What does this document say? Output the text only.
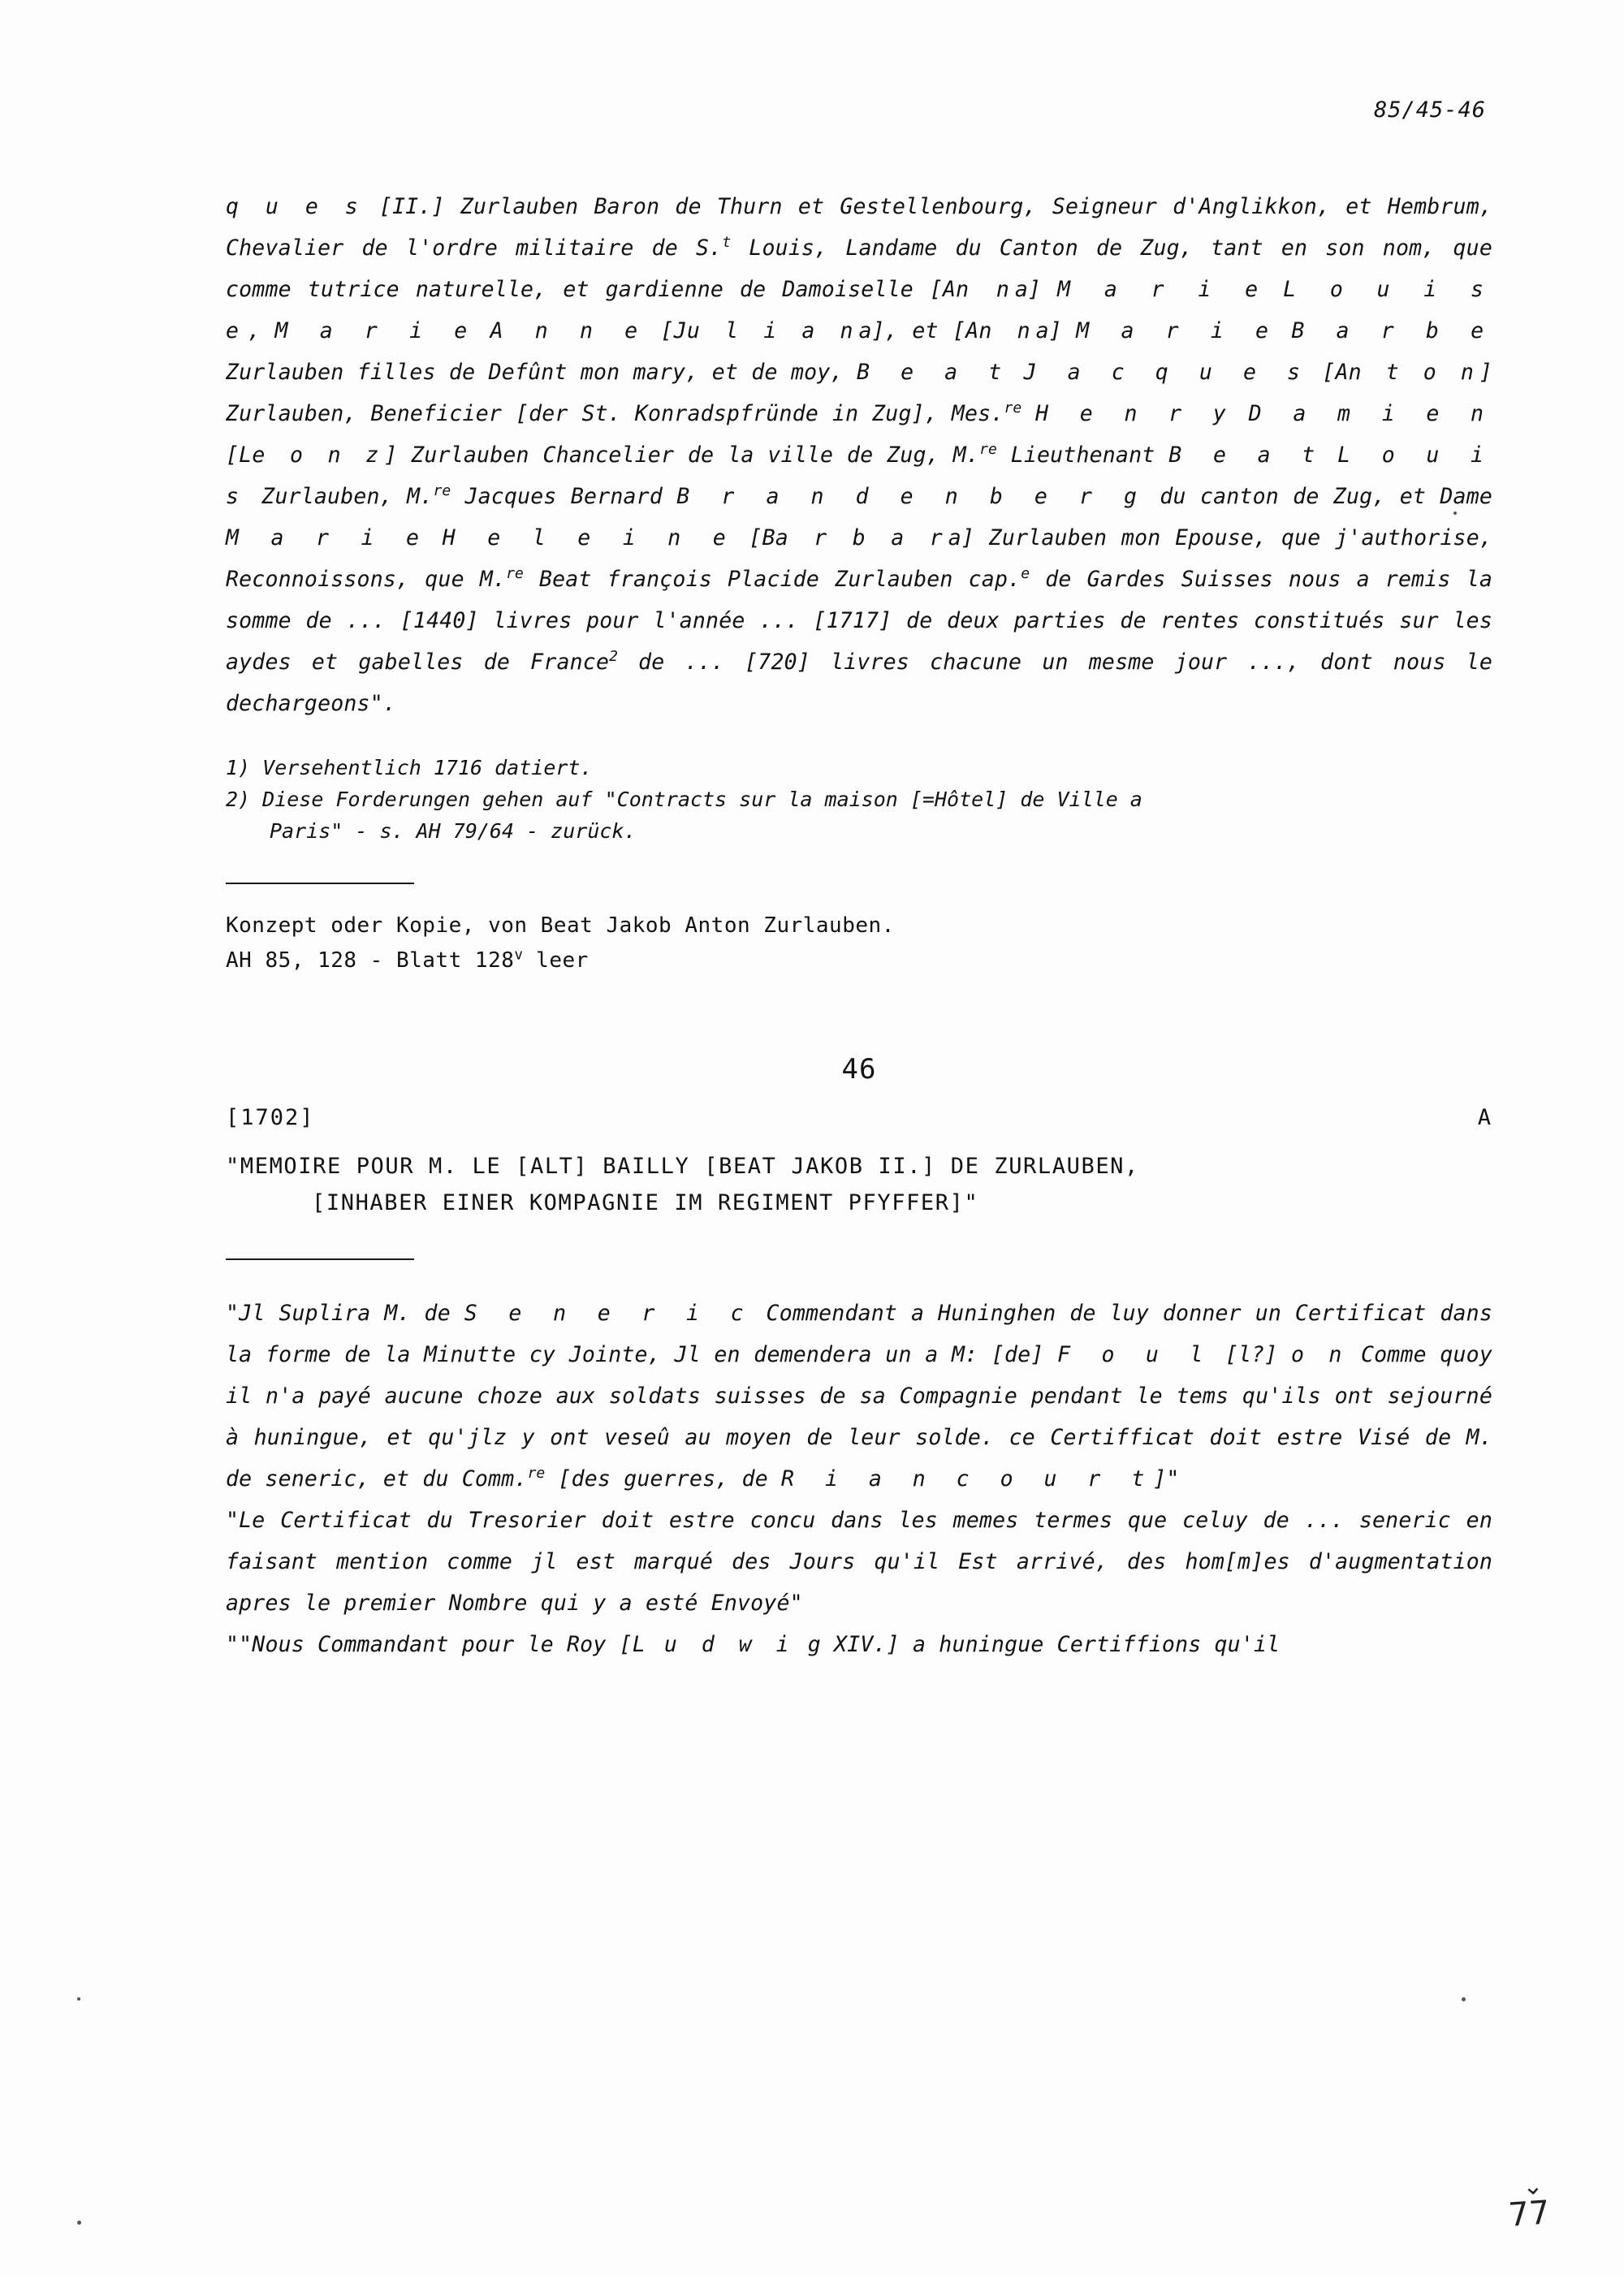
85/45-46

q u e s [II.] Zurlauben Baron de Thurn et Gestellenbourg, Seigneur d'Anglikkon, et Hembrum, Chevalier de l'ordre militaire de S.$^t$ Louis, Landame du Canton de Zug, tant en son nom, que comme tutrice naturelle, et gardienne de Damoiselle [An na] M a r i e L o u i s e, M a r i e A n n e [Ju l i a na], et [An na] M a r i e B a r b e Zurlauben filles de Defûnt mon mary, et de moy, B e a t J a c q u e s [An t o n] Zurlauben, Beneficier [der St. Konradspfründe in Zug], Mes.$^{re}$ H e n r y D a m i e n [Le o n z] Zurlauben Chancelier de la ville de Zug, M.$^{re}$ Lieuthenant B e a t L o u i s Zurlauben, M.$^{re}$ Jacques Bernard B r a n d e n b e r g du canton de Zug, et Dame M a r i e H e l e i n e [Ba r b a ra] Zurlauben mon Epouse, que j'authorise, Reconnoissons, que M.$^{re}$ Beat françois Placide Zurlauben cap.$^e$ de Gardes Suisses nous a remis la somme de ... [1440] livres pour l'année ... [1717] de deux parties de rentes constitués sur les aydes et gabelles de France$^2$ de ... [720] livres chacune un mesme jour ..., dont nous le dechargeons".

1) Versehentlich 1716 datiert.

2) Diese Forderungen gehen auf "Contracts sur la maison [=Hôtel] de Ville a

Paris" - s. AH 79/64 - zurück.

Konzept oder Kopie, von Beat Jakob Anton Zurlauben.

AH 85, 128 - Blatt 128$^v$ leer

46
[1702]	A

"MEMOIRE POUR M. LE [ALT] BAILLY [BEAT JAKOB II.] DE ZURLAUBEN,

[INHABER EINER KOMPAGNIE IM REGIMENT PFYFFER]"

"Jl Suplira M. de S e n e r i c Commendant a Huninghen de luy donner un Certificat dans la forme de la Minutte cy Jointe, Jl en demendera un a M: [de] F o u l [l?] o n Comme quoy il n'a payé aucune choze aux soldats suisses de sa Compagnie pendant le tems qu'ils ont sejourné à huningue, et qu'jlz y ont veseû au moyen de leur solde. ce Certifficat doit estre Visé de M. de seneric, et du Comm.$^{re}$ [des guerres, de R i a n c o u r t]"

"Le Certificat du Tresorier doit estre concu dans les memes termes que celuy de ... seneric en faisant mention comme jl est marqué des Jours qu'il Est arrivé, des hom[m]es d'augmentation apres le premier Nombre qui y a esté Envoyé"

""Nous Commandant pour le Roy [L u d w i g XIV.] a huningue Certiffions qu'il

⌄
77
